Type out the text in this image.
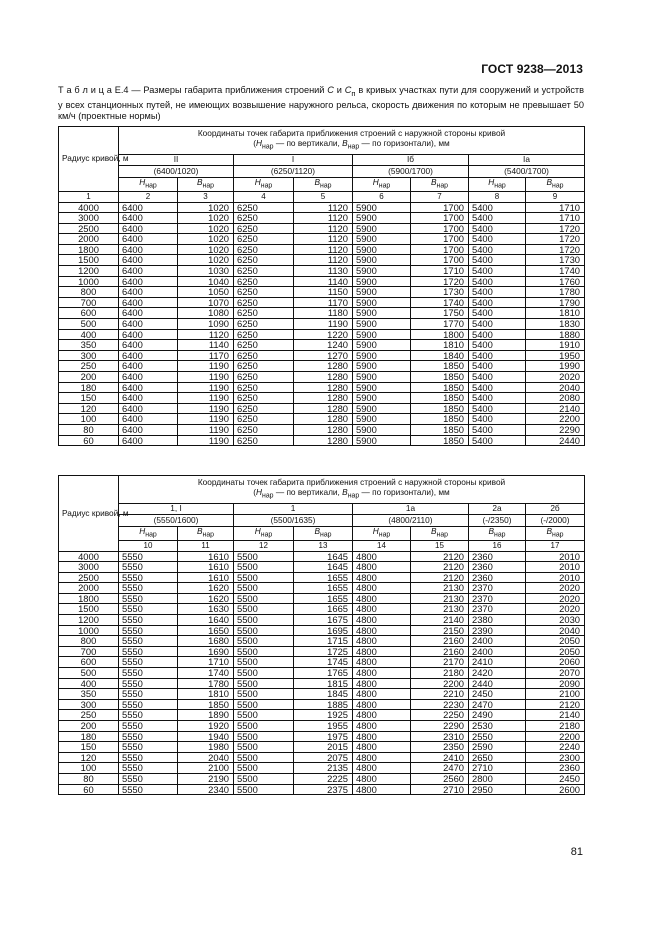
ГОСТ 9238—2013
Т а б л и ц а Е.4 — Размеры габарита приближения строений C и $C_п$ в кривых участках пути для сооружений и устройств у всех станционных путей, не имеющих возвышение наружного рельса, скорость движения по которым не превышает 50 км/ч (проектные нормы)
Радиус кривой, м	Координаты точек габарита приближения строений с наружной стороны кривой
($H_{нар}$ — по вертикали, $B_{нар}$ — по горизонтали), мм							
	II		I		Iб		Iа	
	(6400/1020)		(6250/1120)		(5900/1700)		(5400/1700)	
	$H_{нар}$	$B_{нар}$	$H_{нар}$	$B_{нар}$	$H_{нар}$	$B_{нар}$	$H_{нар}$	$B_{нар}$
1	2	3	4	5	6	7	8	9
4000	6400	1020	6250	1120	5900	1700	5400	1710
3000	6400	1020	6250	1120	5900	1700	5400	1710
2500	6400	1020	6250	1120	5900	1700	5400	1720
2000	6400	1020	6250	1120	5900	1700	5400	1720
1800	6400	1020	6250	1120	5900	1700	5400	1720
1500	6400	1020	6250	1120	5900	1700	5400	1730
1200	6400	1030	6250	1130	5900	1710	5400	1740
1000	6400	1040	6250	1140	5900	1720	5400	1760
800	6400	1050	6250	1150	5900	1730	5400	1780
700	6400	1070	6250	1170	5900	1740	5400	1790
600	6400	1080	6250	1180	5900	1750	5400	1810
500	6400	1090	6250	1190	5900	1770	5400	1830
400	6400	1120	6250	1220	5900	1800	5400	1880
350	6400	1140	6250	1240	5900	1810	5400	1910
300	6400	1170	6250	1270	5900	1840	5400	1950
250	6400	1190	6250	1280	5900	1850	5400	1990
200	6400	1190	6250	1280	5900	1850	5400	2020
180	6400	1190	6250	1280	5900	1850	5400	2040
150	6400	1190	6250	1280	5900	1850	5400	2080
120	6400	1190	6250	1280	5900	1850	5400	2140
100	6400	1190	6250	1280	5900	1850	5400	2200
80	6400	1190	6250	1280	5900	1850	5400	2290
60	6400	1190	6250	1280	5900	1850	5400	2440
Радиус кривой, м	Координаты точек габарита приближения строений с наружной стороны кривой
($H_{нар}$ — по вертикали, $B_{нар}$ — по горизонтали), мм							
	1, I		1		1а		2а	2б
	(5550/1600)		(5500/1635)		(4800/2110)		(-/2350)	(-/2000)
	$H_{нар}$	$B_{нар}$	$H_{нар}$	$B_{нар}$	$H_{нар}$	$B_{нар}$	$B_{нар}$	$B_{нар}$
	10	11	12	13	14	15	16	17
4000	5550	1610	5500	1645	4800	2120	2360	2010
3000	5550	1610	5500	1645	4800	2120	2360	2010
2500	5550	1610	5500	1655	4800	2120	2360	2010
2000	5550	1620	5500	1655	4800	2130	2370	2020
1800	5550	1620	5500	1655	4800	2130	2370	2020
1500	5550	1630	5500	1665	4800	2130	2370	2020
1200	5550	1640	5500	1675	4800	2140	2380	2030
1000	5550	1650	5500	1695	4800	2150	2390	2040
800	5550	1680	5500	1715	4800	2160	2400	2050
700	5550	1690	5500	1725	4800	2160	2400	2050
600	5550	1710	5500	1745	4800	2170	2410	2060
500	5550	1740	5500	1765	4800	2180	2420	2070
400	5550	1780	5500	1815	4800	2200	2440	2090
350	5550	1810	5500	1845	4800	2210	2450	2100
300	5550	1850	5500	1885	4800	2230	2470	2120
250	5550	1890	5500	1925	4800	2250	2490	2140
200	5550	1920	5500	1955	4800	2290	2530	2180
180	5550	1940	5500	1975	4800	2310	2550	2200
150	5550	1980	5500	2015	4800	2350	2590	2240
120	5550	2040	5500	2075	4800	2410	2650	2300
100	5550	2100	5500	2135	4800	2470	2710	2360
80	5550	2190	5500	2225	4800	2560	2800	2450
60	5550	2340	5500	2375	4800	2710	2950	2600
81
